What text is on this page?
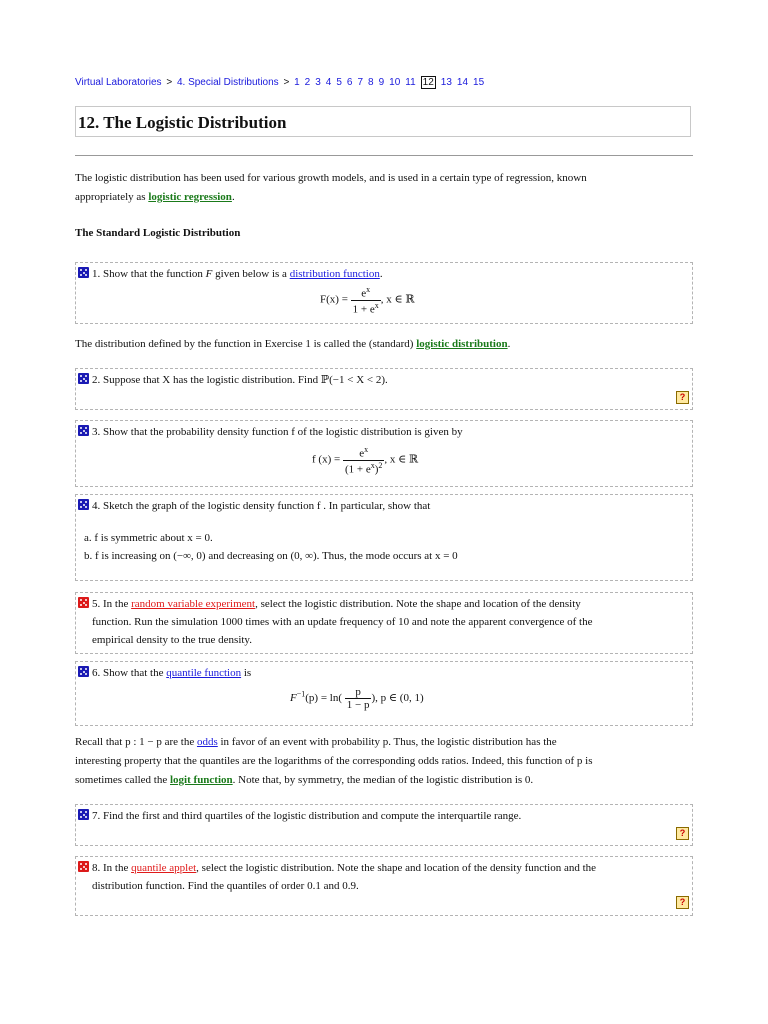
Virtual Laboratories > 4. Special Distributions > 1 2 3 4 5 6 7 8 9 10 11 12 13 14 15
12. The Logistic Distribution
The logistic distribution has been used for various growth models, and is used in a certain type of regression, known
appropriately as logistic regression.
The Standard Logistic Distribution
1. Show that the function F given below is a distribution function.
$F(x) = \frac{e^x}{1 + e^x}$ , x ∈ ℝ
The distribution defined by the function in Exercise 1 is called the (standard) logistic distribution.
2. Suppose that X has the logistic distribution. Find ℙ(−1 < X < 2).
?
3. Show that the probability density function f of the logistic distribution is given by
f $(x) = \frac{e^x}{(1 + e^x)^2}$ , x ∈ ℝ
4. Sketch the graph of the logistic density function f . In particular, show that
a. f is symmetric about x = 0.
b. f is increasing on (−∞, 0) and decreasing on (0, ∞). Thus, the mode occurs at x = 0
5. In the random variable experiment, select the logistic distribution. Note the shape and location of the density
function. Run the simulation 1000 times with an update frequency of 10 and note the apparent convergence of the
empirical density to the true density.
6. Show that the quantile function is
$F^{-1}(p) = \ln( \frac{p}{1 - p}$ ), p ∈ (0, 1)
Recall that p : 1 − p are the odds in favor of an event with probability p. Thus, the logistic distribution has the
interesting property that the quantiles are the logarithms of the corresponding odds ratios. Indeed, this function of p is
sometimes called the logit function. Note that, by symmetry, the median of the logistic distribution is 0.
7. Find the first and third quartiles of the logistic distribution and compute the interquartile range.
?
8. In the quantile applet, select the logistic distribution. Note the shape and location of the density function and the
distribution function. Find the quantiles of order 0.1 and 0.9.
?
